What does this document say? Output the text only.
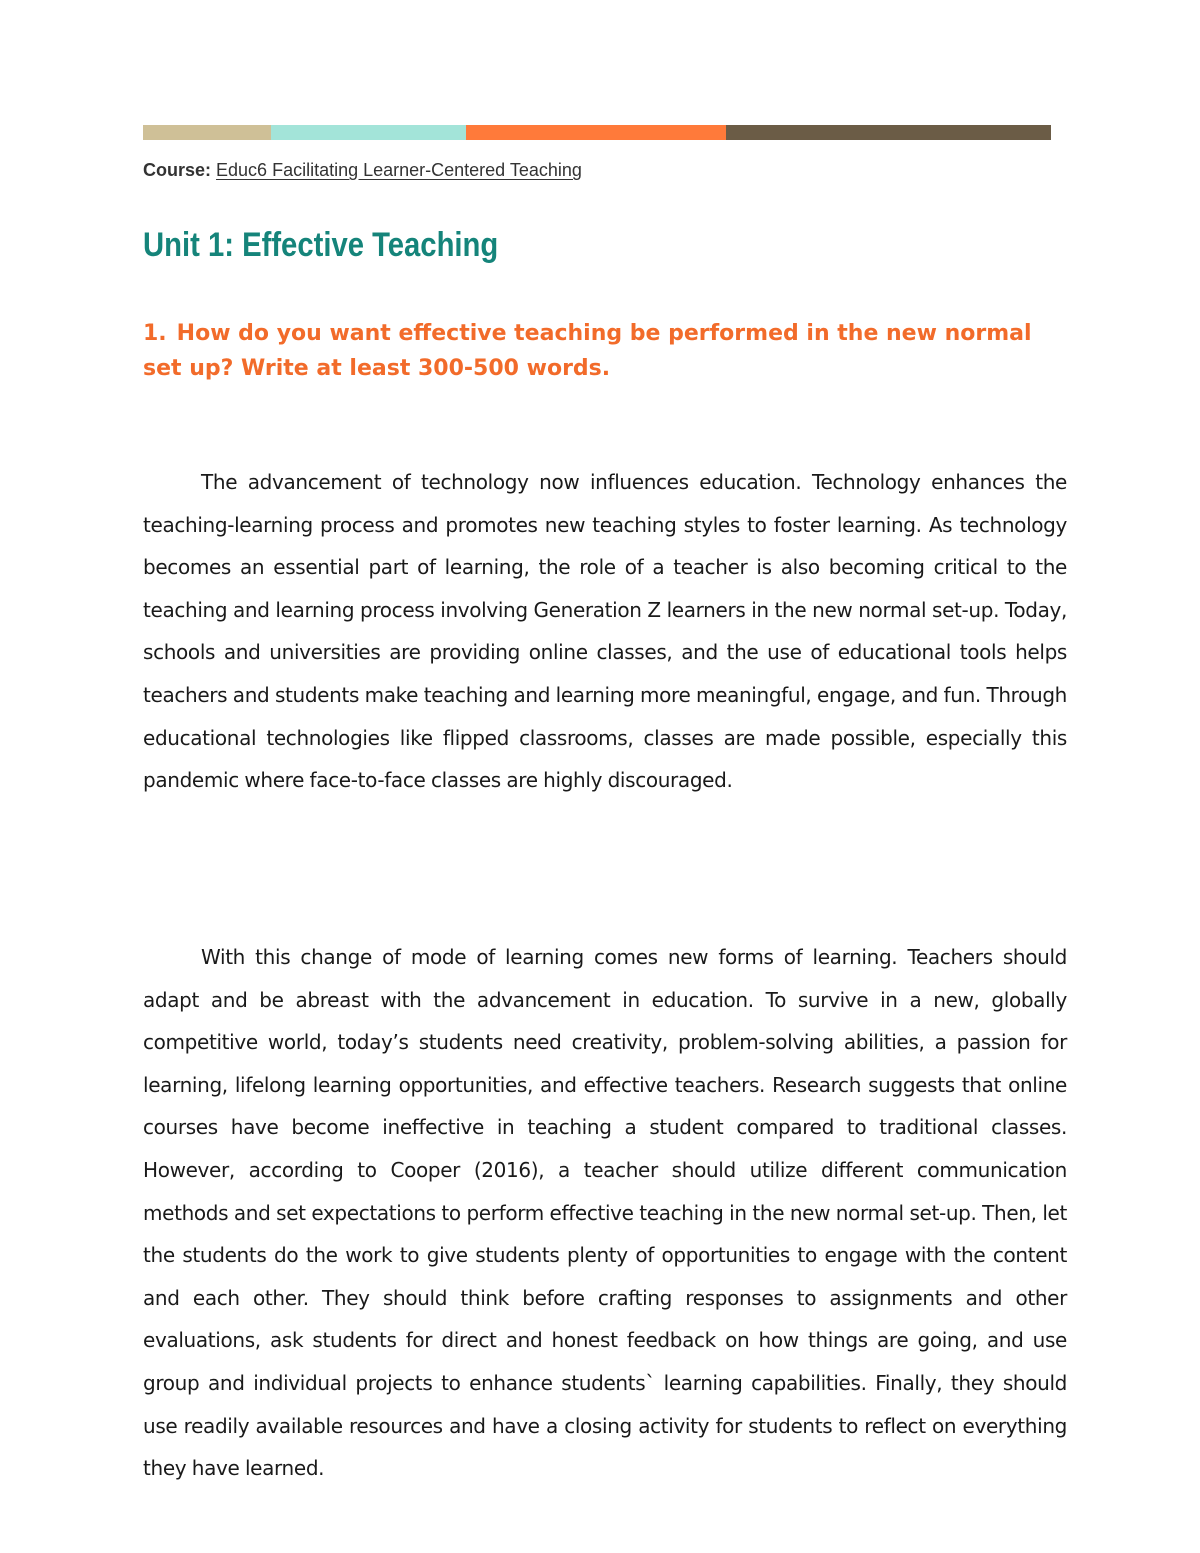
Course: Educ6 Facilitating Learner-Centered Teaching
Unit 1: Effective Teaching

1. How do you want effective teaching be performed in the new normal set up? Write at least 300-500 words.

The advancement of technology now influences education. Technology enhances the teaching-learning process and promotes new teaching styles to foster learning. As technology becomes an essential part of learning, the role of a teacher is also becoming critical to the teaching and learning process involving Generation Z learners in the new normal set-up. Today, schools and universities are providing online classes, and the use of educational tools helps teachers and students make teaching and learning more meaningful, engage, and fun. Through educational technologies like flipped classrooms, classes are made possible, especially this pandemic where face-to-face classes are highly discouraged.

With this change of mode of learning comes new forms of learning. Teachers should adapt and be abreast with the advancement in education. To survive in a new, globally competitive world, today’s students need creativity, problem-solving abilities, a passion for learning, lifelong learning opportunities, and effective teachers. Research suggests that online courses have become ineffective in teaching a student compared to traditional classes. However, according to Cooper (2016), a teacher should utilize different communication methods and set expectations to perform effective teaching in the new normal set-up. Then, let the students do the work to give students plenty of opportunities to engage with the content and each other. They should think before crafting responses to assignments and other evaluations, ask students for direct and honest feedback on how things are going, and use group and individual projects to enhance students` learning capabilities. Finally, they should use readily available resources and have a closing activity for students to reflect on everything they have learned.
